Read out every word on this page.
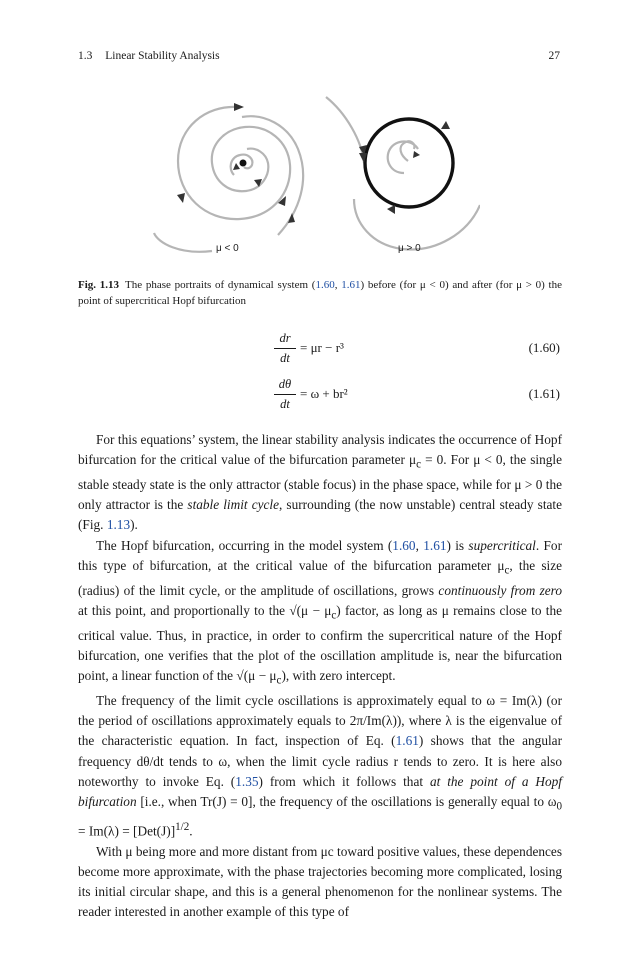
1.3 Linear Stability Analysis	27
μ < 0	μ > 0
Fig. 1.13 The phase portraits of dynamical system (1.60, 1.61) before (for μ < 0) and after (for μ > 0) the point of supercritical Hopf bifurcation
dr
dt
= μr − r³	(1.60)
dθ
dt
= ω + br²	(1.61)

For this equations’ system, the linear stability analysis indicates the occurrence of Hopf bifurcation for the critical value of the bifurcation parameter $\mu_c = 0$. For μ < 0, the single stable steady state is the only attractor (stable focus) in the phase space, while for μ > 0 the only attractor is the stable limit cycle, surrounding (the now unstable) central steady state (Fig. 1.13).

The Hopf bifurcation, occurring in the model system (1.60, 1.61) is supercritical. For this type of bifurcation, at the critical value of the bifurcation parameter $\mu_c$, the size (radius) of the limit cycle, or the amplitude of oscillations, grows continuously from zero at this point, and proportionally to the $√(\mu - \mu_c)$ factor, as long as μ remains close to the critical value. Thus, in practice, in order to confirm the supercritical nature of the Hopf bifurcation, one verifies that the plot of the oscillation amplitude is, near the bifurcation point, a linear function of the $√(\mu - \mu_c)$, with zero intercept.

The frequency of the limit cycle oscillations is approximately equal to ω = Im(λ) (or the period of oscillations approximately equals to 2π/Im(λ)), where λ is the eigenvalue of the characteristic equation. In fact, inspection of Eq. (1.61) shows that the angular frequency dθ/dt tends to ω, when the limit cycle radius r tends to zero. It is here also noteworthy to invoke Eq. (1.35) from which it follows that at the point of a Hopf bifurcation [i.e., when Tr(J) = 0], the frequency of the oscillations is generally equal to $\omega_0 = Im(\lambda) = [Det(J)]^{1/2}$.

With μ being more and more distant from μc toward positive values, these dependences become more approximate, with the phase trajectories becoming more complicated, losing its initial circular shape, and this is a general phenomenon for the nonlinear systems. The reader interested in another example of this type of
